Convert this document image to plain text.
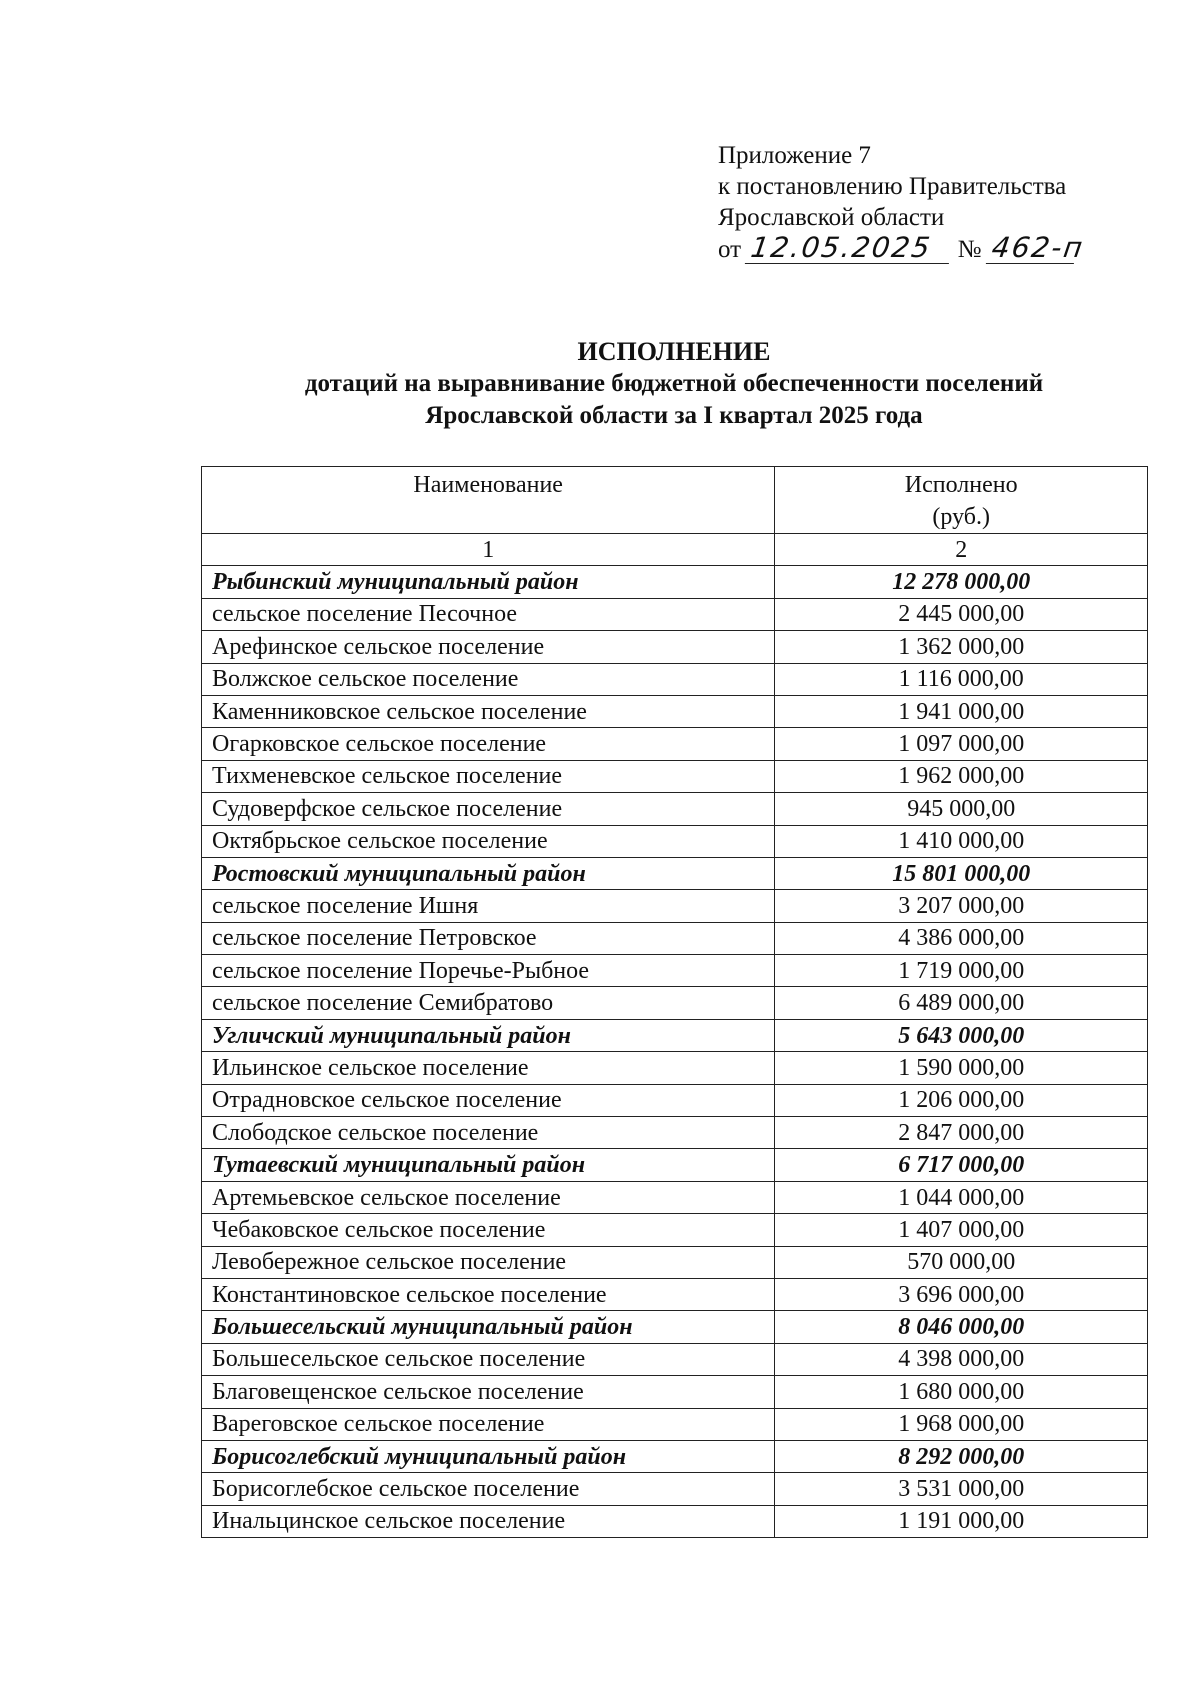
Приложение 7
к постановлению Правительства
Ярославской области
от 12.05.2025 № 462-п
ИСПОЛНЕНИЕ
дотаций на выравнивание бюджетной обеспеченности поселений
Ярославской области за I квартал 2025 года
Наименование	Исполнено
(руб.)

1	2
Рыбинский муниципальный район	12 278 000,00
сельское поселение Песочное	2 445 000,00
Арефинское сельское поселение	1 362 000,00
Волжское сельское поселение	1 116 000,00
Каменниковское сельское поселение	1 941 000,00
Огарковское сельское поселение	1 097 000,00
Тихменевское сельское поселение	1 962 000,00
Судоверфское сельское поселение	945 000,00
Октябрьское сельское поселение	1 410 000,00
Ростовский муниципальный район	15 801 000,00
сельское поселение Ишня	3 207 000,00
сельское поселение Петровское	4 386 000,00
сельское поселение Поречье-Рыбное	1 719 000,00
сельское поселение Семибратово	6 489 000,00
Угличский муниципальный район	5 643 000,00
Ильинское сельское поселение	1 590 000,00
Отрадновское сельское поселение	1 206 000,00
Слободское сельское поселение	2 847 000,00
Тутаевский муниципальный район	6 717 000,00
Артемьевское сельское поселение	1 044 000,00
Чебаковское сельское поселение	1 407 000,00
Левобережное сельское поселение	570 000,00
Константиновское сельское поселение	3 696 000,00
Большесельский муниципальный район	8 046 000,00
Большесельское сельское поселение	4 398 000,00
Благовещенское сельское поселение	1 680 000,00
Вареговское сельское поселение	1 968 000,00
Борисоглебский муниципальный район	8 292 000,00
Борисоглебское сельское поселение	3 531 000,00
Инальцинское сельское поселение	1 191 000,00
